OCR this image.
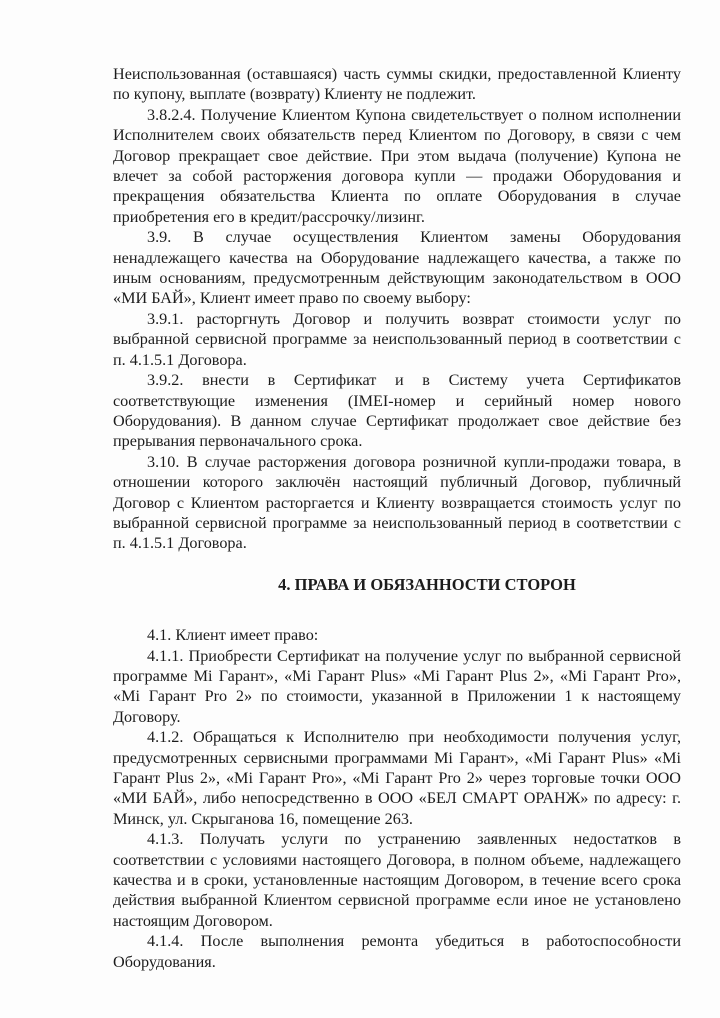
Неиспользованная (оставшаяся) часть суммы скидки, предоставленной Клиенту по купону, выплате (возврату) Клиенту не подлежит.

3.8.2.4. Получение Клиентом Купона свидетельствует о полном исполнении Исполнителем своих обязательств перед Клиентом по Договору, в связи с чем Договор прекращает свое действие. При этом выдача (получение) Купона не влечет за собой расторжения договора купли — продажи Оборудования и прекращения обязательства Клиента по оплате Оборудования в случае приобретения его в кредит/рассрочку/лизинг.

3.9. В случае осуществления Клиентом замены Оборудования ненадлежащего качества на Оборудование надлежащего качества, а также по иным основаниям, предусмотренным действующим законодательством в ООО «МИ БАЙ», Клиент имеет право по своему выбору:

3.9.1. расторгнуть Договор и получить возврат стоимости услуг по выбранной сервисной программе за неиспользованный период в соответствии с п. 4.1.5.1 Договора.

3.9.2. внести в Сертификат и в Систему учета Сертификатов соответствующие изменения (IMEI-номер и серийный номер нового Оборудования). В данном случае Сертификат продолжает свое действие без прерывания первоначального срока.

3.10. В случае расторжения договора розничной купли-продажи товара, в отношении которого заключён настоящий публичный Договор, публичный Договор с Клиентом расторгается и Клиенту возвращается стоимость услуг по выбранной сервисной программе за неиспользованный период в соответствии с п. 4.1.5.1 Договора.

4. ПРАВА И ОБЯЗАННОСТИ СТОРОН

4.1. Клиент имеет право:

4.1.1. Приобрести Сертификат на получение услуг по выбранной сервисной программе Mi Гарант», «Mi Гарант Plus» «Mi Гарант Plus 2», «Mi Гарант Pro», «Mi Гарант Pro 2» по стоимости, указанной в Приложении 1 к настоящему Договору.

4.1.2. Обращаться к Исполнителю при необходимости получения услуг, предусмотренных сервисными программами Mi Гарант», «Mi Гарант Plus» «Mi Гарант Plus 2», «Mi Гарант Pro», «Mi Гарант Pro 2» через торговые точки ООО «МИ БАЙ», либо непосредственно в ООО «БЕЛ СМАРТ ОРАНЖ» по адресу: г. Минск, ул. Скрыганова 16, помещение 263.

4.1.3. Получать услуги по устранению заявленных недостатков в соответствии с условиями настоящего Договора, в полном объеме, надлежащего качества и в сроки, установленные настоящим Договором, в течение всего срока действия выбранной Клиентом сервисной программе если иное не установлено настоящим Договором.

4.1.4. После выполнения ремонта убедиться в работоспособности Оборудования.
